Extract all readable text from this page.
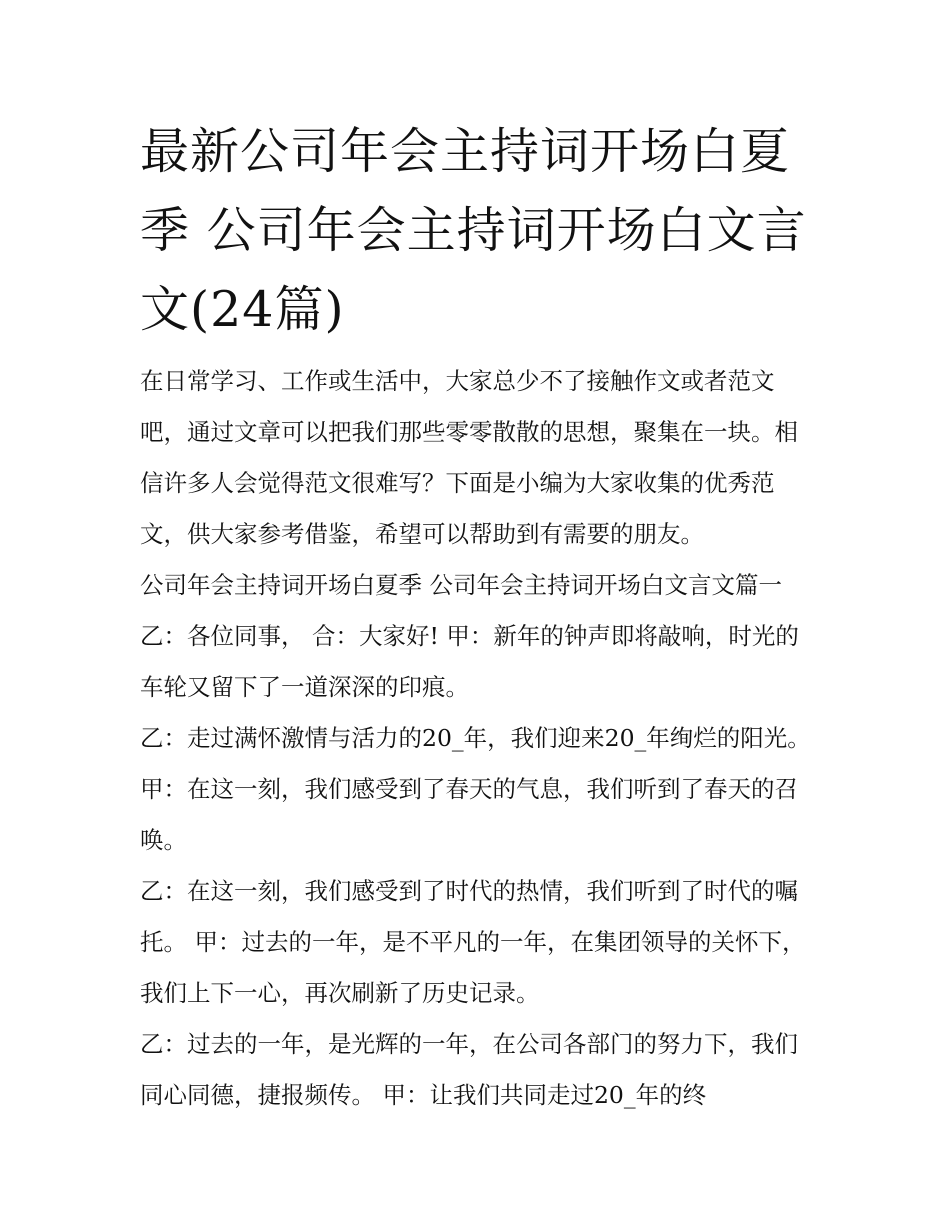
最新公司年会主持词开场白夏季 公司年会主持词开场白文言文(24篇)

在日常学习、工作或生活中，大家总少不了接触作文或者范文吧，通过文章可以把我们那些零零散散的思想，聚集在一块。相信许多人会觉得范文很难写？下面是小编为大家收集的优秀范文，供大家参考借鉴，希望可以帮助到有需要的朋友。

公司年会主持词开场白夏季 公司年会主持词开场白文言文篇一 乙：各位同事， 合：大家好! 甲：新年的钟声即将敲响，时光的车轮又留下了一道深深的印痕。

乙：走过满怀激情与活力的20_年，我们迎来20_年绚烂的阳光。 甲：在这一刻，我们感受到了春天的气息，我们听到了春天的召唤。

乙：在这一刻，我们感受到了时代的热情，我们听到了时代的嘱托。 甲：过去的一年，是不平凡的一年，在集团领导的关怀下，我们上下一心，再次刷新了历史记录。

乙：过去的一年，是光辉的一年，在公司各部门的努力下，我们同心同德，捷报频传。 甲：让我们共同走过20_年的终
